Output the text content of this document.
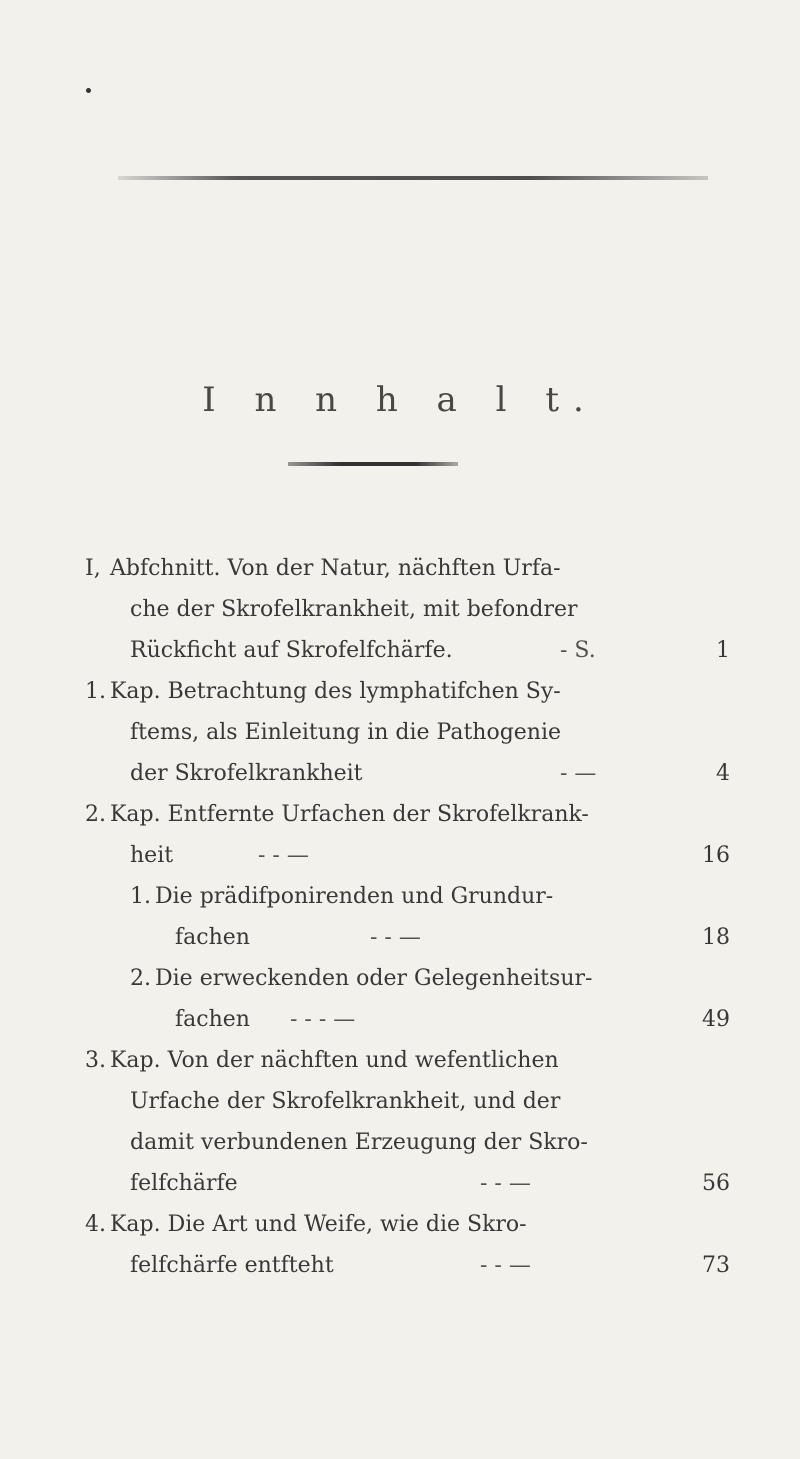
I n n h a l t.
I, Abfchnitt. Von der Natur, nächften Urfa-
che der Skrofelkrankheit, mit befondrer
Rückficht auf Skrofelfchärfe.	- S.	1
1. Kap. Betrachtung des lymphatifchen Sy-
ftems, als Einleitung in die Pathogenie
der Skrofelkrankheit	- —	4
2. Kap. Entfernte Urfachen der Skrofelkrank-
heit	- - —	16
1. Die prädifponirenden und Grundur-
fachen	- - —	18
2. Die erweckenden oder Gelegenheitsur-
fachen - - - —	49
3. Kap. Von der nächften und wefentlichen
Urfache der Skrofelkrankheit, und der
damit verbundenen Erzeugung der Skro-
felfchärfe	- - —	56
4. Kap. Die Art und Weife, wie die Skro-
felfchärfe entfteht	- - —	73
